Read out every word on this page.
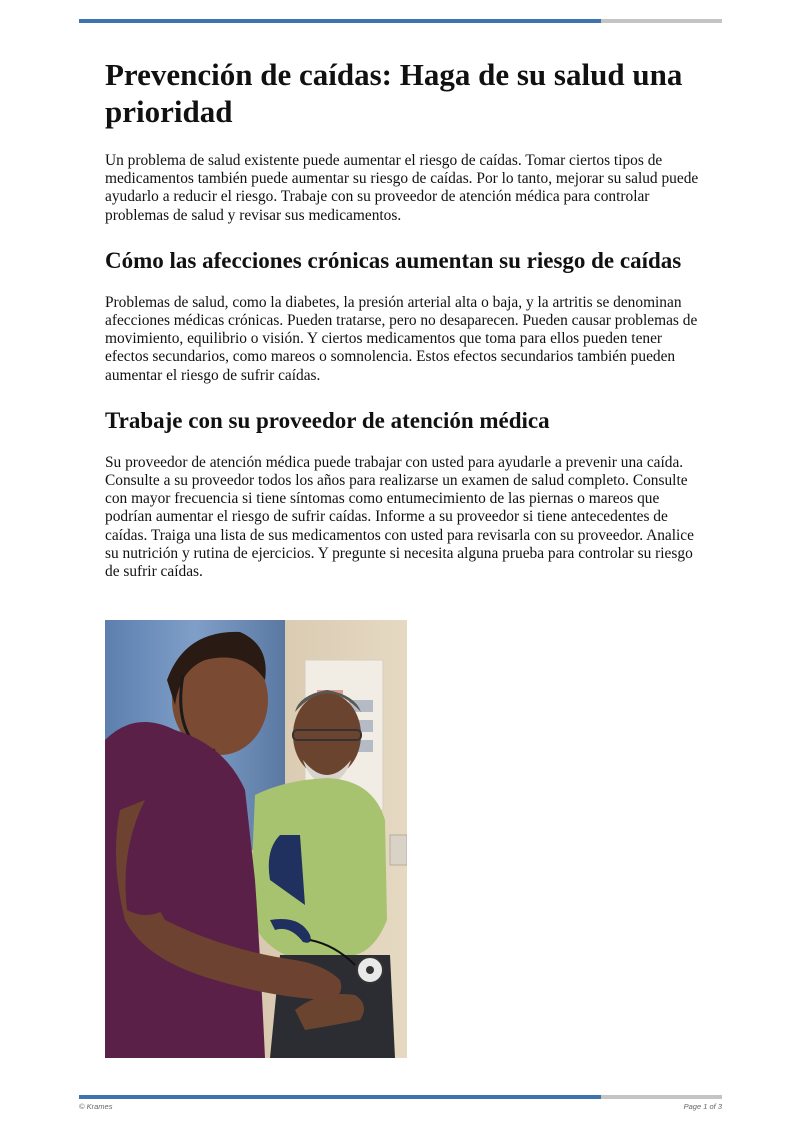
Prevención de caídas: Haga de su salud una prioridad

Un problema de salud existente puede aumentar el riesgo de caídas. Tomar ciertos tipos de medicamentos también puede aumentar su riesgo de caídas. Por lo tanto, mejorar su salud puede ayudarlo a reducir el riesgo. Trabaje con su proveedor de atención médica para controlar problemas de salud y revisar sus medicamentos.

Cómo las afecciones crónicas aumentan su riesgo de caídas

Problemas de salud, como la diabetes, la presión arterial alta o baja, y la artritis se denominan afecciones médicas crónicas. Pueden tratarse, pero no desaparecen. Pueden causar problemas de movimiento, equilibrio o visión. Y ciertos medicamentos que toma para ellos pueden tener efectos secundarios, como mareos o somnolencia. Estos efectos secundarios también pueden aumentar el riesgo de sufrir caídas.

Trabaje con su proveedor de atención médica

Su proveedor de atención médica puede trabajar con usted para ayudarle a prevenir una caída. Consulte a su proveedor todos los años para realizarse un examen de salud completo. Consulte con mayor frecuencia si tiene síntomas como entumecimiento de las piernas o mareos que podrían aumentar el riesgo de sufrir caídas. Informe a su proveedor si tiene antecedentes de caídas. Traiga una lista de sus medicamentos con usted para revisarla con su proveedor. Analice su nutrición y rutina de ejercicios. Y pregunte si necesita alguna prueba para controlar su riesgo de sufrir caídas.

© Krames	Page 1 of 3
